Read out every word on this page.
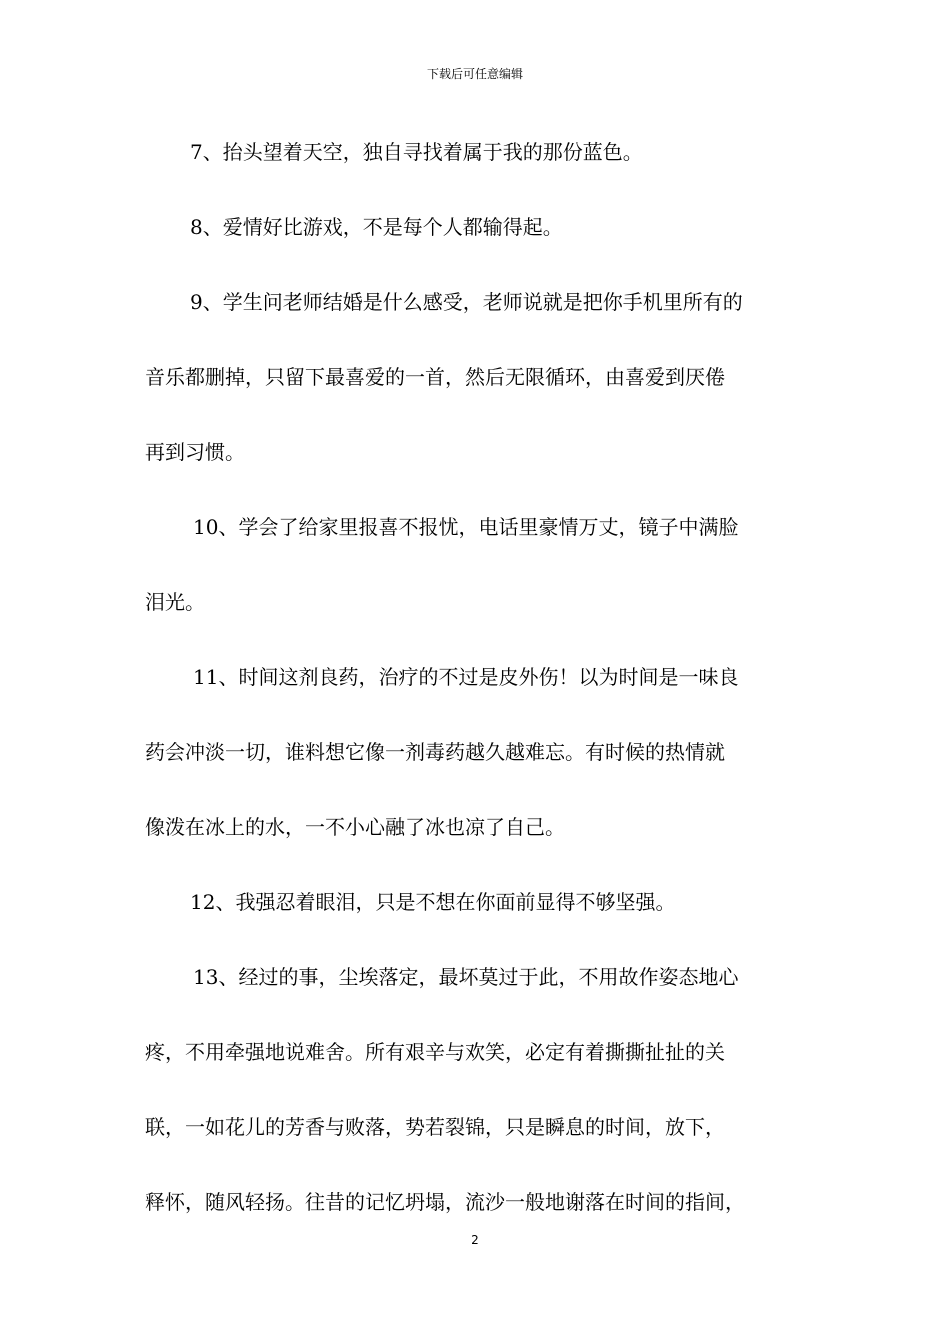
下载后可任意编辑
7、抬头望着天空，独自寻找着属于我的那份蓝色。
8、爱情好比游戏，不是每个人都输得起。
9、学生问老师结婚是什么感受，老师说就是把你手机里所有的
音乐都删掉，只留下最喜爱的一首，然后无限循环，由喜爱到厌倦
再到习惯。
10、学会了给家里报喜不报忧，电话里豪情万丈，镜子中满脸
泪光。
11、时间这剂良药，治疗的不过是皮外伤！以为时间是一味良
药会冲淡一切，谁料想它像一剂毒药越久越难忘。有时候的热情就
像泼在冰上的水，一不小心融了冰也凉了自己。
12、我强忍着眼泪，只是不想在你面前显得不够坚强。
13、经过的事，尘埃落定，最坏莫过于此，不用故作姿态地心
疼，不用牵强地说难舍。所有艰辛与欢笑，必定有着撕撕扯扯的关
联，一如花儿的芳香与败落，势若裂锦，只是瞬息的时间，放下，
释怀，随风轻扬。往昔的记忆坍塌，流沙一般地谢落在时间的指间，
2
